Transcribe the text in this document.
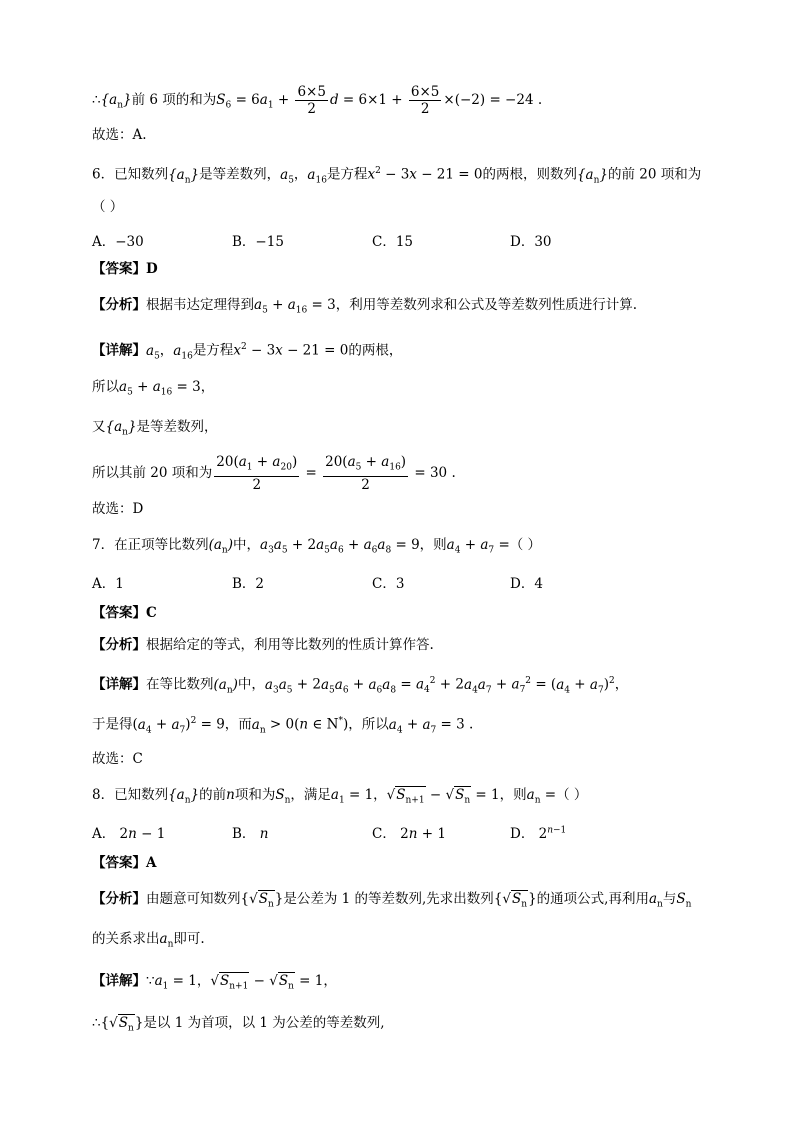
$\therefore\{a_n\}$前 6 项的和为$S_6 = 6a_1 + \frac{6\times 5}{2}$ $d = 6\times 1 + \frac{6\times 5}{2} \times(-2) = -24$ .
故选：A.
6．已知数列$\{a_n\}$是等差数列，$a_5$，$a_{16}$是方程$x^2 - 3x - 21 = 0$的两根，则数列$\{a_n\}$的前 20 项和为
（ ）
A．−30	B．−15	C．15	D．30
【答案】D
【分析】根据韦达定理得到$a_5 + a_{16} = 3$，利用等差数列求和公式及等差数列性质进行计算.
【详解】$a_5$，$a_{16}$是方程$x^2 - 3x - 21 = 0$的两根，
所以$a_5 + a_{16} = 3$，
又$\{a_n\}$是等差数列，
所以其前 20 项和为 $\frac{20(a_1 + a_{20})}{2} = \frac{20(a_5 + a_{16})}{2} = 30$ .
故选：D
7．在正项等比数列$(a_n)$中，$a_3a_5 + 2a_5a_6 + a_6a_8 = 9$，则$a_4 + a_7$ =（ ）
A．1	B．2	C．3	D．4
【答案】C
【分析】根据给定的等式，利用等比数列的性质计算作答.
【详解】在等比数列$(a_n)$中，$a_3a_5 + 2a_5a_6 + a_6a_8 = a_4^2 + 2a_4a_7 + a_7^2 = (a_4 + a_7)^2$，
于是得$(a_4 + a_7)^2 = 9$，而$a_n > 0(n$ ∈ N*)，所以$a_4 + a_7 = 3$ .
故选：C
8．已知数列$\{a_n\}$的前n项和为$S_n$，满足$a_1 = 1$，$√S_{n+1} - √S_n = 1$，则$a_n$ =（ ）
A． 2n − 1	B． n	C． 2n + 1	D． $2^{n-1}$
【答案】A
【分析】由题意可知数列$\{√S_n\}$是公差为 1 的等差数列,先求出数列$\{√S_n\}$的通项公式,再利用$a_n$与$S_n$
的关系求出$a_n$即可.
【详解】$\because a_1 = 1$，$√S_{n+1} - √S_n = 1$，
$\therefore\{√S_n\}$是以 1 为首项，以 1 为公差的等差数列,
